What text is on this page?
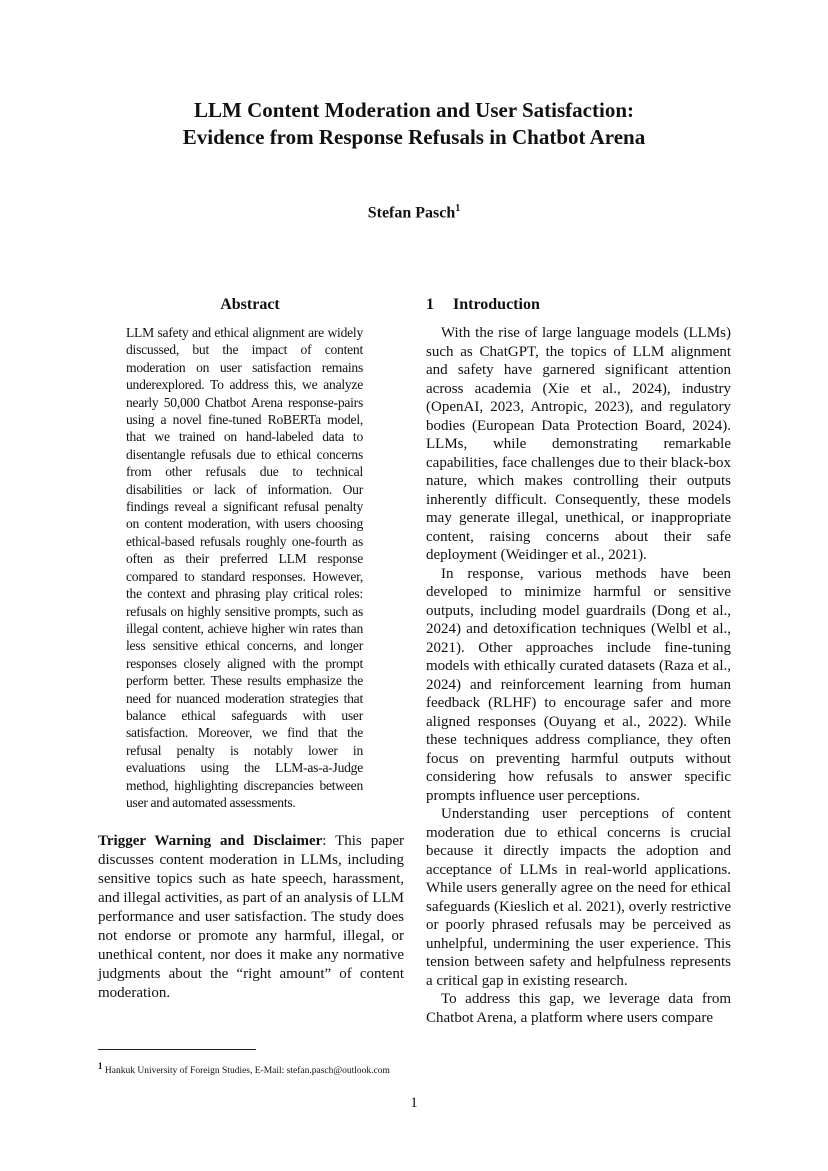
LLM Content Moderation and User Satisfaction:
Evidence from Response Refusals in Chatbot Arena
Stefan Pasch$^1$
Abstract

LLM safety and ethical alignment are widely discussed, but the impact of content moderation on user satisfaction remains underexplored. To address this, we analyze nearly 50,000 Chatbot Arena response-pairs using a novel fine-tuned RoBERTa model, that we trained on hand-labeled data to disentangle refusals due to ethical concerns from other refusals due to technical disabilities or lack of information. Our findings reveal a significant refusal penalty on content moderation, with users choosing ethical-based refusals roughly one-fourth as often as their preferred LLM response compared to standard responses. However, the context and phrasing play critical roles: refusals on highly sensitive prompts, such as illegal content, achieve higher win rates than less sensitive ethical concerns, and longer responses closely aligned with the prompt perform better. These results emphasize the need for nuanced moderation strategies that balance ethical safeguards with user satisfaction. Moreover, we find that the refusal penalty is notably lower in evaluations using the LLM-as-a-Judge method, highlighting discrepancies between user and automated assessments.

Trigger Warning and Disclaimer: This paper discusses content moderation in LLMs, including sensitive topics such as hate speech, harassment, and illegal activities, as part of an analysis of LLM performance and user satisfaction. The study does not endorse or promote any harmful, illegal, or unethical content, nor does it make any normative judgments about the “right amount” of content moderation.

$^1$ Hankuk University of Foreign Studies, E-Mail: stefan.pasch@outlook.com
1 Introduction

With the rise of large language models (LLMs) such as ChatGPT, the topics of LLM alignment and safety have garnered significant attention across academia (Xie et al., 2024), industry (OpenAI, 2023, Antropic, 2023), and regulatory bodies (European Data Protection Board, 2024). LLMs, while demonstrating remarkable capabilities, face challenges due to their black-box nature, which makes controlling their outputs inherently difficult. Consequently, these models may generate illegal, unethical, or inappropriate content, raising concerns about their safe deployment (Weidinger et al., 2021).

In response, various methods have been developed to minimize harmful or sensitive outputs, including model guardrails (Dong et al., 2024) and detoxification techniques (Welbl et al., 2021). Other approaches include fine-tuning models with ethically curated datasets (Raza et al., 2024) and reinforcement learning from human feedback (RLHF) to encourage safer and more aligned responses (Ouyang et al., 2022). While these techniques address compliance, they often focus on preventing harmful outputs without considering how refusals to answer specific prompts influence user perceptions.

Understanding user perceptions of content moderation due to ethical concerns is crucial because it directly impacts the adoption and acceptance of LLMs in real-world applications. While users generally agree on the need for ethical safeguards (Kieslich et al. 2021), overly restrictive or poorly phrased refusals may be perceived as unhelpful, undermining the user experience. This tension between safety and helpfulness represents a critical gap in existing research.

To address this gap, we leverage data from Chatbot Arena, a platform where users compare

1
